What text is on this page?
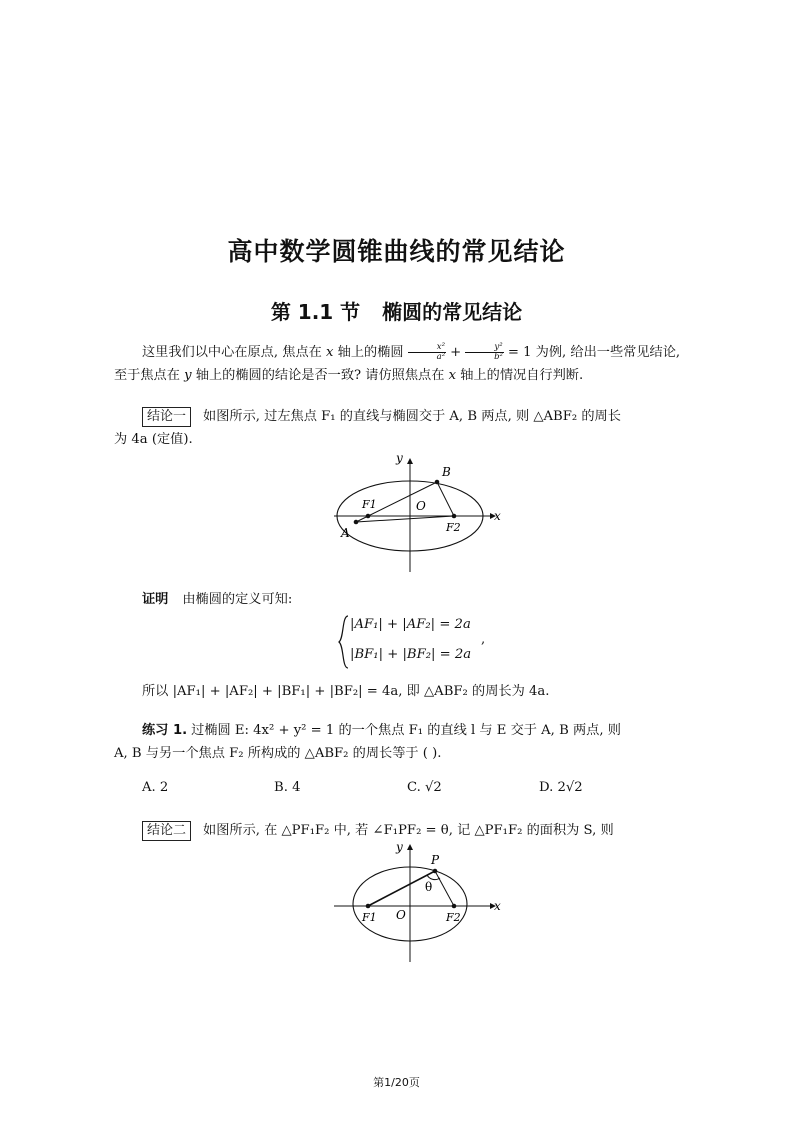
高中数学圆锥曲线的常见结论
第 1.1 节 椭圆的常见结论
这里我们以中心在原点, 焦点在 x 轴上的椭圆 $\frac{\text{x²}}{\text{a²}} + \frac{\text{y²}}{\text{b²}} = 1$ 为例, 给出一些常见结论,
至于焦点在 y 轴上的椭圆的结论是否一致? 请仿照焦点在 x 轴上的情况自行判断.
结论一 如图所示, 过左焦点 F₁ 的直线与椭圆交于 A, B 两点, 则 △ABF₂ 的周长
为 4a (定值).
y
x
B
F1	O
A	F2
证明 由椭圆的定义可知:
|AF₁| + |AF₂| = 2a
|BF₁| + |BF₂| = 2a
,
所以 |AF₁| + |AF₂| + |BF₁| + |BF₂| = 4a, 即 △ABF₂ 的周长为 4a.
练习 1. 过椭圆 E: 4x² + y² = 1 的一个焦点 F₁ 的直线 l 与 E 交于 A, B 两点, 则
A, B 与另一个焦点 F₂ 所构成的 △ABF₂ 的周长等于 ( ).
A. 2	B. 4	C. √2	D. 2√2
结论二 如图所示, 在 △PF₁F₂ 中, 若 ∠F₁PF₂ = θ, 记 △PF₁F₂ 的面积为 S, 则
y
x
P
θ
F1 O	F2
第1/20页
